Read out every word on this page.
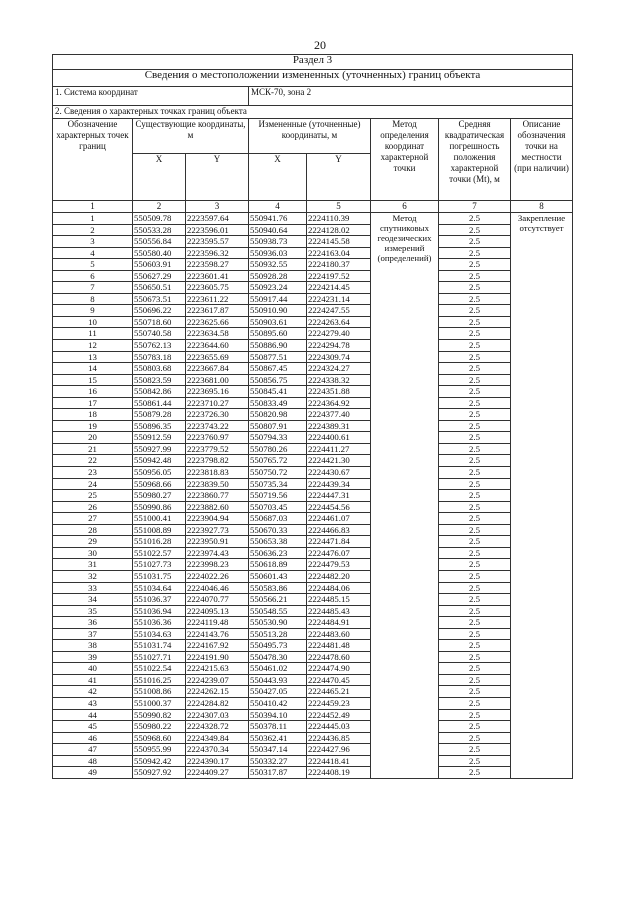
20
Раздел 3							
Сведения о местоположении измененных (уточненных) границ объекта							
1. Система координат			МСК-70, зона 2				
2. Сведения о характерных точках границ объекта							
Обозначение характерных точек границ	Существующие координаты, м		Измененные (уточненные) координаты, м		Метод определения координат характерной точки	Средняя квадратическая погрешность положения характерной точки (Mt), м	Описание обозначения точки на местности (при наличии)
	X	Y	X	Y			
1	2	3	4	5	6	7	8
1	550509.78	2223597.64	550941.76	2224110.39	Метод спутниковых геодезических измерений (определений)	2.5	Закрепление отсутствует
2	550533.28	2223596.01	550940.64	2224128.02		2.5	
3	550556.84	2223595.57	550938.73	2224145.58		2.5	
4	550580.40	2223596.32	550936.03	2224163.04		2.5	
5	550603.91	2223598.27	550932.55	2224180.37		2.5	
6	550627.29	2223601.41	550928.28	2224197.52		2.5	
7	550650.51	2223605.75	550923.24	2224214.45		2.5	
8	550673.51	2223611.22	550917.44	2224231.14		2.5	
9	550696.22	2223617.87	550910.90	2224247.55		2.5	
10	550718.60	2223625.66	550903.61	2224263.64		2.5	
11	550740.58	2223634.58	550895.60	2224279.40		2.5	
12	550762.13	2223644.60	550886.90	2224294.78		2.5	
13	550783.18	2223655.69	550877.51	2224309.74		2.5	
14	550803.68	2223667.84	550867.45	2224324.27		2.5	
15	550823.59	2223681.00	550856.75	2224338.32		2.5	
16	550842.86	2223695.16	550845.41	2224351.88		2.5	
17	550861.44	2223710.27	550833.49	2224364.92		2.5	
18	550879.28	2223726.30	550820.98	2224377.40		2.5	
19	550896.35	2223743.22	550807.91	2224389.31		2.5	
20	550912.59	2223760.97	550794.33	2224400.61		2.5	
21	550927.99	2223779.52	550780.26	2224411.27		2.5	
22	550942.48	2223798.82	550765.72	2224421.30		2.5	
23	550956.05	2223818.83	550750.72	2224430.67		2.5	
24	550968.66	2223839.50	550735.34	2224439.34		2.5	
25	550980.27	2223860.77	550719.56	2224447.31		2.5	
26	550990.86	2223882.60	550703.45	2224454.56		2.5	
27	551000.41	2223904.94	550687.03	2224461.07		2.5	
28	551008.89	2223927.73	550670.33	2224466.83		2.5	
29	551016.28	2223950.91	550653.38	2224471.84		2.5	
30	551022.57	2223974.43	550636.23	2224476.07		2.5	
31	551027.73	2223998.23	550618.89	2224479.53		2.5	
32	551031.75	2224022.26	550601.43	2224482.20		2.5	
33	551034.64	2224046.46	550583.86	2224484.06		2.5	
34	551036.37	2224070.77	550566.21	2224485.15		2.5	
35	551036.94	2224095.13	550548.55	2224485.43		2.5	
36	551036.36	2224119.48	550530.90	2224484.91		2.5	
37	551034.63	2224143.76	550513.28	2224483.60		2.5	
38	551031.74	2224167.92	550495.73	2224481.48		2.5	
39	551027.71	2224191.90	550478.30	2224478.60		2.5	
40	551022.54	2224215.63	550461.02	2224474.90		2.5	
41	551016.25	2224239.07	550443.93	2224470.45		2.5	
42	551008.86	2224262.15	550427.05	2224465.21		2.5	
43	551000.37	2224284.82	550410.42	2224459.23		2.5	
44	550990.82	2224307.03	550394.10	2224452.49		2.5	
45	550980.22	2224328.72	550378.11	2224445.03		2.5	
46	550968.60	2224349.84	550362.41	2224436.85		2.5	
47	550955.99	2224370.34	550347.14	2224427.96		2.5	
48	550942.42	2224390.17	550332.27	2224418.41		2.5	
49	550927.92	2224409.27	550317.87	2224408.19		2.5	
